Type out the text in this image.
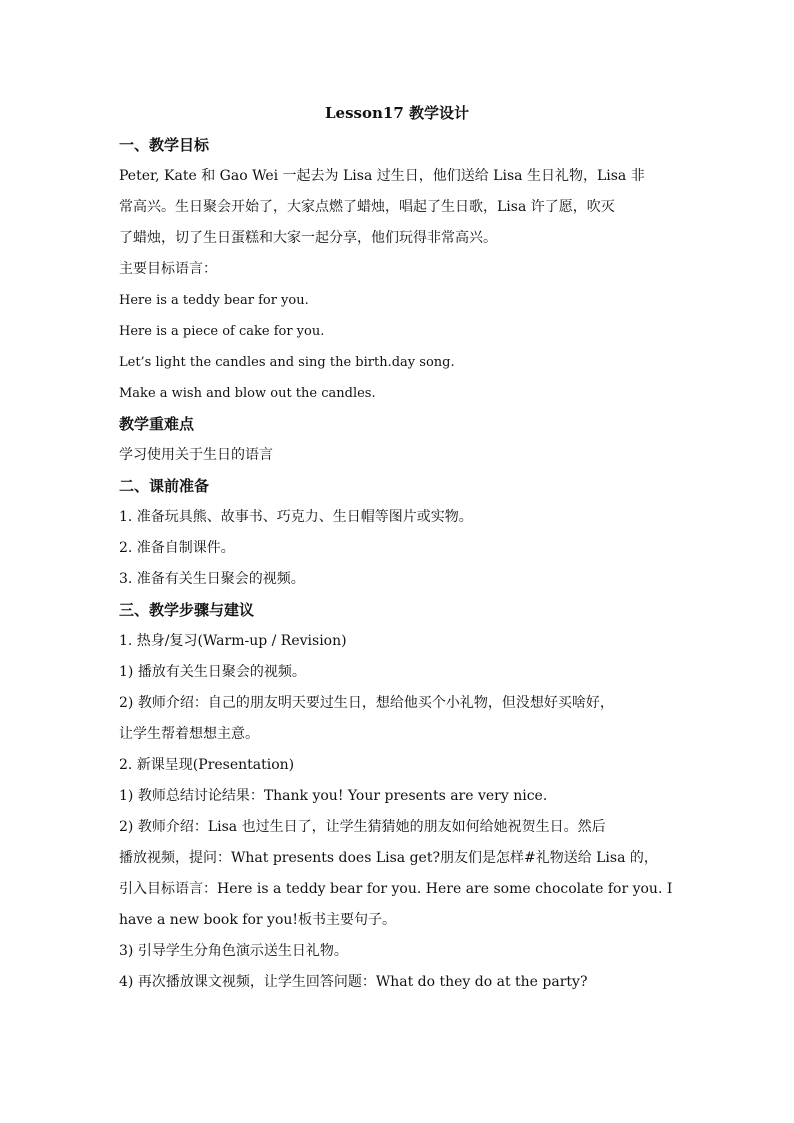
Lesson17 教学设计
一、教学目标
Peter, Kate 和 Gao Wei 一起去为 Lisa 过生日，他们送给 Lisa 生日礼物，Lisa 非
常高兴。生日聚会开始了，大家点燃了蜡烛，唱起了生日歌，Lisa 许了愿，吹灭
了蜡烛，切了生日蛋糕和大家一起分享，他们玩得非常高兴。
主要目标语言：
Here is a teddy bear for you.
Here is a piece of cake for you.
Let’s light the candles and sing the birth.day song.
Make a wish and blow out the candles.
教学重难点
学习使用关于生日的语言
二、课前准备
1. 准备玩具熊、故事书、巧克力、生日帽等图片或实物。
2. 准备自制课件。
3. 准备有关生日聚会的视频。
三、教学步骤与建议
1. 热身/复习(Warm-up / Revision)
1) 播放有关生日聚会的视频。
2) 教师介绍：自己的朋友明天要过生日，想给他买个小礼物，但没想好买啥好，
让学生帮着想想主意。
2. 新课呈现(Presentation)
1) 教师总结讨论结果：Thank you! Your presents are very nice.
2) 教师介绍：Lisa 也过生日了，让学生猜猜她的朋友如何给她祝贺生日。然后
播放视频，提问：What presents does Lisa get?朋友们是怎样#礼物送给 Lisa 的，
引入目标语言：Here is a teddy bear for you. Here are some chocolate for you. I
have a new book for you!板书主要句子。
3) 引导学生分角色演示送生日礼物。
4) 再次播放课文视频，让学生回答问题：What do they do at the party?
